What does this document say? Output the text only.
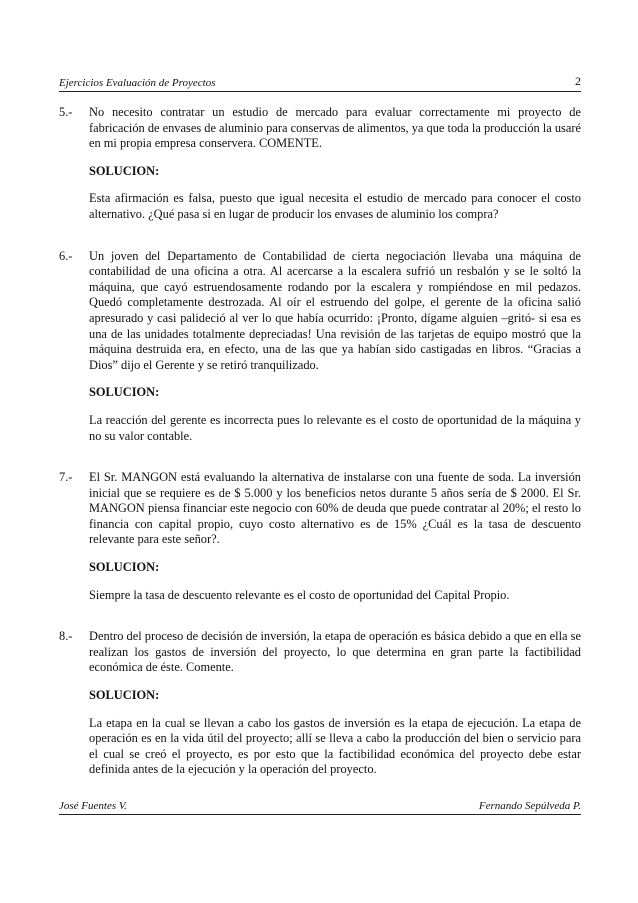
Ejercicios Evaluación de Proyectos	2
5.-	No necesito contratar un estudio de mercado para evaluar correctamente mi proyecto de fabricación de envases de aluminio para conservas de alimentos, ya que toda la producción la usaré en mi propia empresa conservera. COMENTE.

SOLUCION:

Esta afirmación es falsa, puesto que igual necesita el estudio de mercado para conocer el costo alternativo. ¿Qué pasa si en lugar de producir los envases de aluminio los compra?

6.-	Un joven del Departamento de Contabilidad de cierta negociación llevaba una máquina de contabilidad de una oficina a otra. Al acercarse a la escalera sufrió un resbalón y se le soltó la máquina, que cayó estruendosamente rodando por la escalera y rompiéndose en mil pedazos. Quedó completamente destrozada. Al oír el estruendo del golpe, el gerente de la oficina salió apresurado y casi palideció al ver lo que había ocurrido: ¡Pronto, dígame alguien –gritó- si esa es una de las unidades totalmente depreciadas! Una revisión de las tarjetas de equipo mostró que la máquina destruida era, en efecto, una de las que ya habían sido castigadas en libros. “Gracias a Dios” dijo el Gerente y se retiró tranquilizado.

SOLUCION:

La reacción del gerente es incorrecta pues lo relevante es el costo de oportunidad de la máquina y no su valor contable.

7.-	El Sr. MANGON está evaluando la alternativa de instalarse con una fuente de soda. La inversión inicial que se requiere es de $ 5.000 y los beneficios netos durante 5 años sería de $ 2000. El Sr. MANGON piensa financiar este negocio con 60% de deuda que puede contratar al 20%; el resto lo financia con capital propio, cuyo costo alternativo es de 15% ¿Cuál es la tasa de descuento relevante para este señor?.

SOLUCION:

Siempre la tasa de descuento relevante es el costo de oportunidad del Capital Propio.

8.-	Dentro del proceso de decisión de inversión, la etapa de operación es básica debido a que en ella se realizan los gastos de inversión del proyecto, lo que determina en gran parte la factibilidad económica de éste. Comente.

SOLUCION:

La etapa en la cual se llevan a cabo los gastos de inversión es la etapa de ejecución. La etapa de operación es en la vida útil del proyecto; allí se lleva a cabo la producción del bien o servicio para el cual se creó el proyecto, es por esto que la factibilidad económica del proyecto debe estar definida antes de la ejecución y la operación del proyecto.

José Fuentes V.	Fernando Sepúlveda P.
